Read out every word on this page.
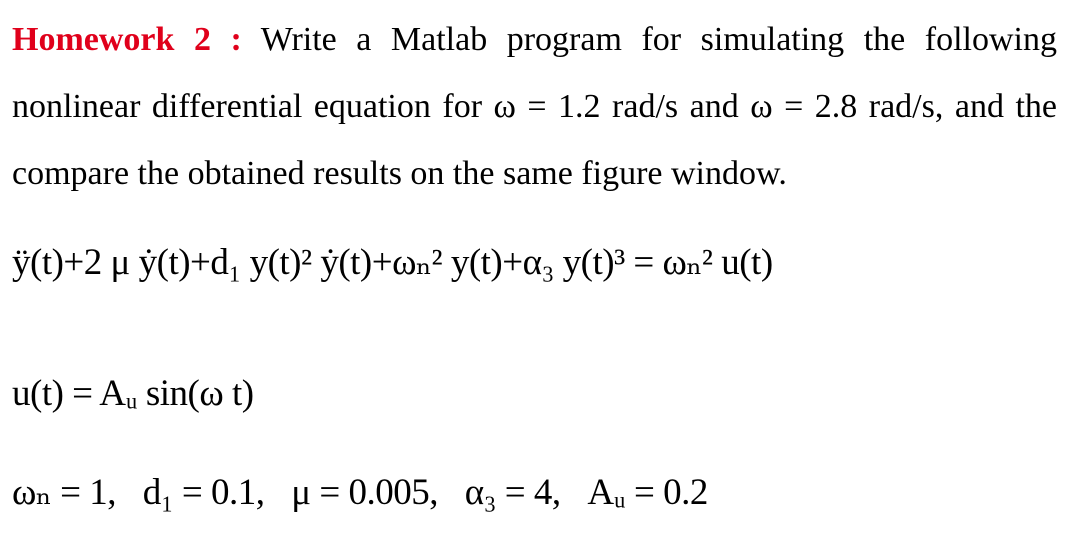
Homework 2 : Write a Matlab program for simulating the following nonlinear differential equation for ω = 1.2 rad/s and ω = 2.8 rad/s, and the compare the obtained results on the same figure window.
ÿ(t)+2 μ ẏ(t)+d₁ y(t)² ẏ(t)+ωₙ² y(t)+α₃ y(t)³ = ωₙ² u(t)
u(t) = Aᵤ sin(ω t)
ωₙ = 1, d₁ = 0.1, μ = 0.005, α₃ = 4, Aᵤ = 0.2
